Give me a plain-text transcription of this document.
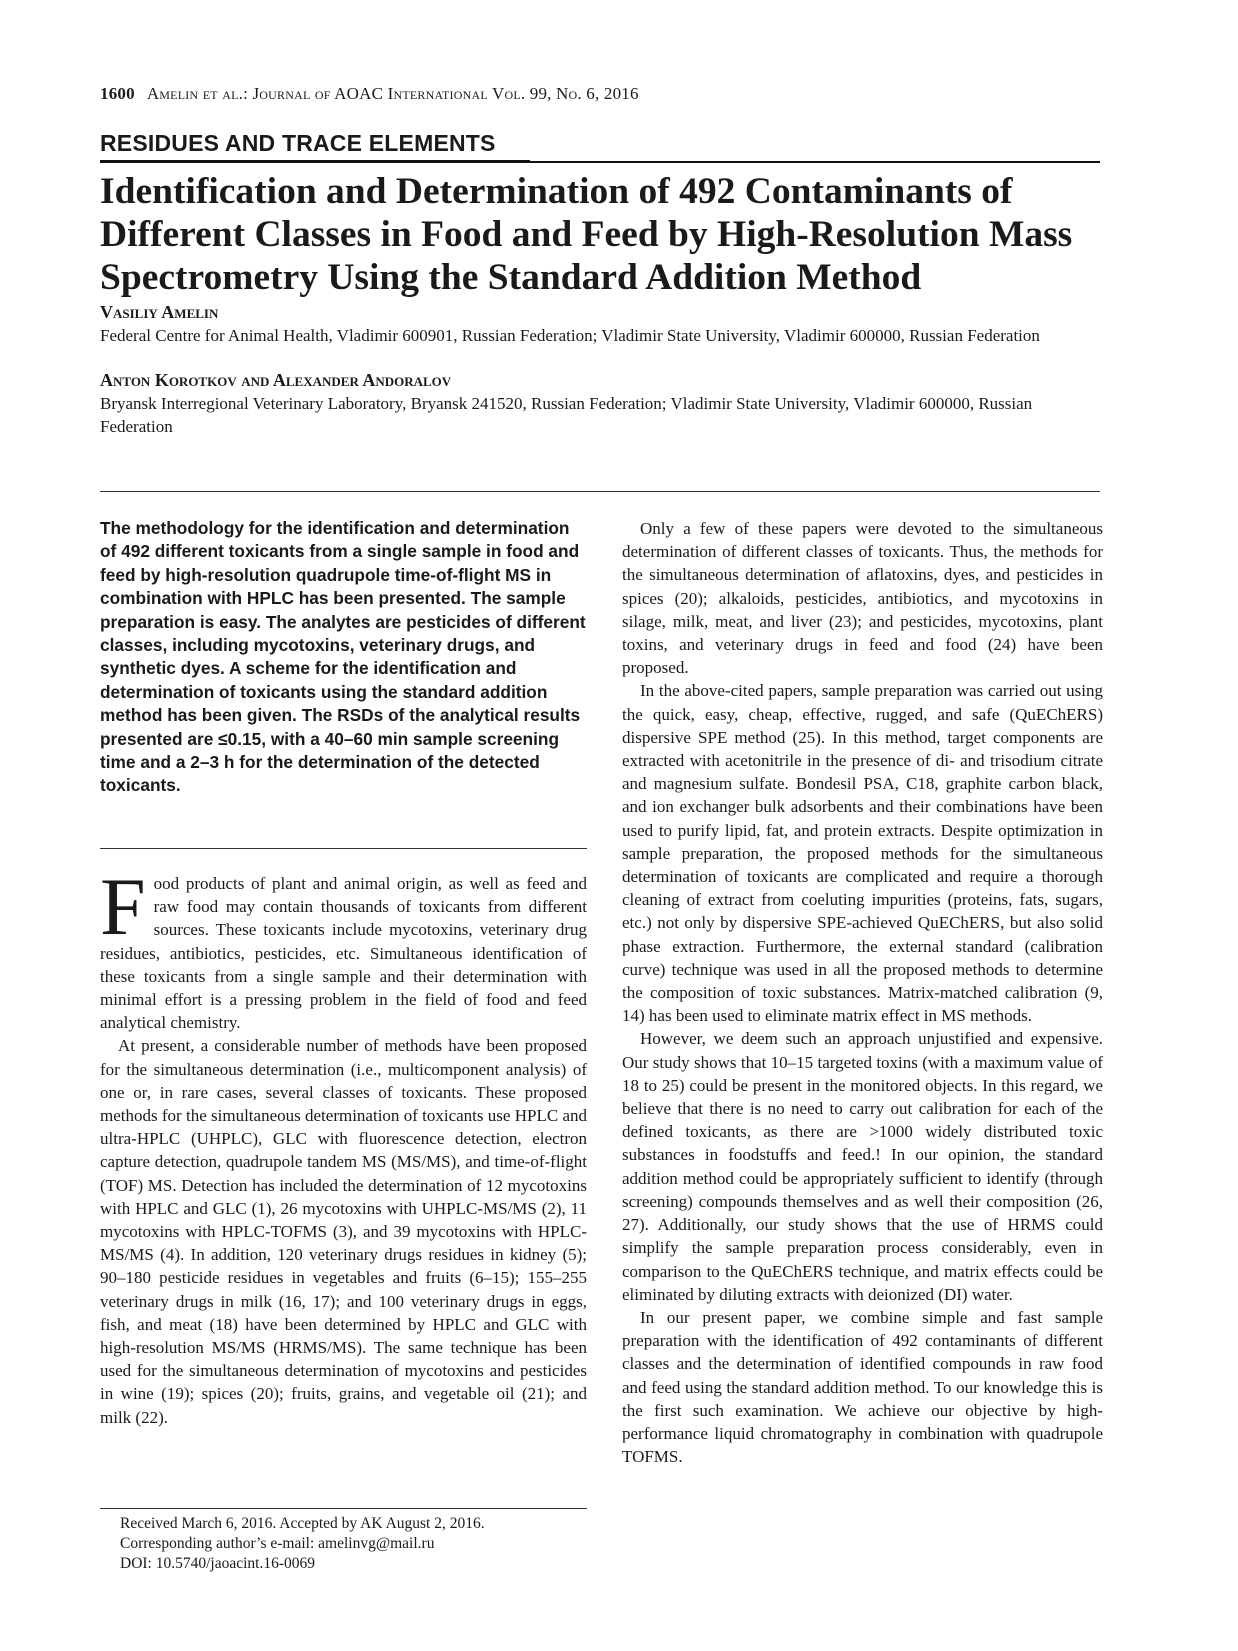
1600 Amelin et al.: Journal of AOAC International Vol. 99, No. 6, 2016
RESIDUES AND TRACE ELEMENTS
Identification and Determination of 492 Contaminants of Different Classes in Food and Feed by High-Resolution Mass Spectrometry Using the Standard Addition Method
Vasiliy Amelin
Federal Centre for Animal Health, Vladimir 600901, Russian Federation; Vladimir State University, Vladimir 600000, Russian Federation
Anton Korotkov and Alexander Andoralov
Bryansk Interregional Veterinary Laboratory, Bryansk 241520, Russian Federation; Vladimir State University, Vladimir 600000, Russian Federation

The methodology for the identification and determination of 492 different toxicants from a single sample in food and feed by high-resolution quadrupole time-of-flight MS in combination with HPLC has been presented. The sample preparation is easy. The analytes are pesticides of different classes, including mycotoxins, veterinary drugs, and synthetic dyes. A scheme for the identification and determination of toxicants using the standard addition method has been given. The RSDs of the analytical results presented are ≤0.15, with a 40–60 min sample screening time and a 2–3 h for the determination of the detected toxicants.

Food products of plant and animal origin, as well as feed and raw food may contain thousands of toxicants from different sources. These toxicants include mycotoxins, veterinary drug residues, antibiotics, pesticides, etc. Simultaneous identification of these toxicants from a single sample and their determination with minimal effort is a pressing problem in the field of food and feed analytical chemistry.

At present, a considerable number of methods have been proposed for the simultaneous determination (i.e., multicomponent analysis) of one or, in rare cases, several classes of toxicants. These proposed methods for the simultaneous determination of toxicants use HPLC and ultra-HPLC (UHPLC), GLC with fluorescence detection, electron capture detection, quadrupole tandem MS (MS/MS), and time-of-flight (TOF) MS. Detection has included the determination of 12 mycotoxins with HPLC and GLC (1), 26 mycotoxins with UHPLC-MS/MS (2), 11 mycotoxins with HPLC-TOFMS (3), and 39 mycotoxins with HPLC-MS/MS (4). In addition, 120 veterinary drugs residues in kidney (5); 90–180 pesticide residues in vegetables and fruits (6–15); 155–255 veterinary drugs in milk (16, 17); and 100 veterinary drugs in eggs, fish, and meat (18) have been determined by HPLC and GLC with high-resolution MS/MS (HRMS/MS). The same technique has been used for the simultaneous determination of mycotoxins and pesticides in wine (19); spices (20); fruits, grains, and vegetable oil (21); and milk (22).

Only a few of these papers were devoted to the simultaneous determination of different classes of toxicants. Thus, the methods for the simultaneous determination of aflatoxins, dyes, and pesticides in spices (20); alkaloids, pesticides, antibiotics, and mycotoxins in silage, milk, meat, and liver (23); and pesticides, mycotoxins, plant toxins, and veterinary drugs in feed and food (24) have been proposed.

In the above-cited papers, sample preparation was carried out using the quick, easy, cheap, effective, rugged, and safe (QuEChERS) dispersive SPE method (25). In this method, target components are extracted with acetonitrile in the presence of di- and trisodium citrate and magnesium sulfate. Bondesil PSA, C18, graphite carbon black, and ion exchanger bulk adsorbents and their combinations have been used to purify lipid, fat, and protein extracts. Despite optimization in sample preparation, the proposed methods for the simultaneous determination of toxicants are complicated and require a thorough cleaning of extract from coeluting impurities (proteins, fats, sugars, etc.) not only by dispersive SPE-achieved QuEChERS, but also solid phase extraction. Furthermore, the external standard (calibration curve) technique was used in all the proposed methods to determine the composition of toxic substances. Matrix-matched calibration (9, 14) has been used to eliminate matrix effect in MS methods.

However, we deem such an approach unjustified and expensive. Our study shows that 10–15 targeted toxins (with a maximum value of 18 to 25) could be present in the monitored objects. In this regard, we believe that there is no need to carry out calibration for each of the defined toxicants, as there are >1000 widely distributed toxic substances in foodstuffs and feed.! In our opinion, the standard addition method could be appropriately sufficient to identify (through screening) compounds themselves and as well their composition (26, 27). Additionally, our study shows that the use of HRMS could simplify the sample preparation process considerably, even in comparison to the QuEChERS technique, and matrix effects could be eliminated by diluting extracts with deionized (DI) water.

In our present paper, we combine simple and fast sample preparation with the identification of 492 contaminants of different classes and the determination of identified compounds in raw food and feed using the standard addition method. To our knowledge this is the first such examination. We achieve our objective by high-performance liquid chromatography in combination with quadrupole TOFMS.

Received March 6, 2016. Accepted by AK August 2, 2016.
Corresponding author’s e-mail: amelinvg@mail.ru
DOI: 10.5740/jaoacint.16-0069
